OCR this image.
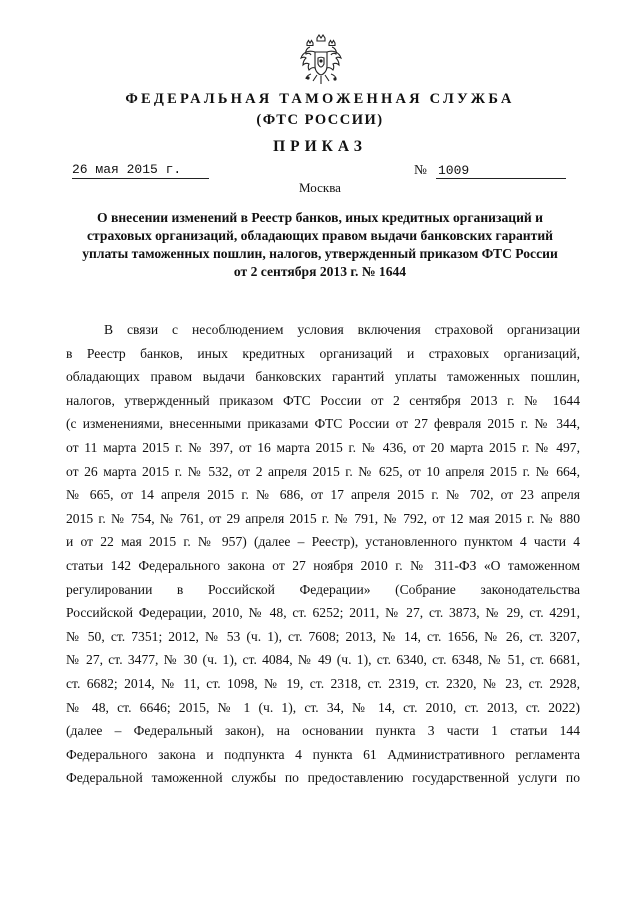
ФЕДЕРАЛЬНАЯ ТАМОЖЕННАЯ СЛУЖБА
(ФТС РОССИИ)
ПРИКАЗ
26 мая 2015 г.	№ 1009
Москва
О внесении изменений в Реестр банков, иных кредитных организаций и
страховых организаций, обладающих правом выдачи банковских гарантий
уплаты таможенных пошлин, налогов, утвержденный приказом ФТС России
от 2 сентября 2013 г. № 1644
В связи с несоблюдением условия включения страховой организации
в Реестр банков, иных кредитных организаций и страховых организаций,
обладающих правом выдачи банковских гарантий уплаты таможенных пошлин,
налогов, утвержденный приказом ФТС России от 2 сентября 2013 г. № 1644
(с изменениями, внесенными приказами ФТС России от 27 февраля 2015 г. № 344,
от 11 марта 2015 г. № 397, от 16 марта 2015 г. № 436, от 20 марта 2015 г. № 497,
от 26 марта 2015 г. № 532, от 2 апреля 2015 г. № 625, от 10 апреля 2015 г. № 664,
№ 665, от 14 апреля 2015 г. № 686, от 17 апреля 2015 г. № 702, от 23 апреля
2015 г. № 754, № 761, от 29 апреля 2015 г. № 791, № 792, от 12 мая 2015 г. № 880
и от 22 мая 2015 г. № 957) (далее – Реестр), установленного пунктом 4 части 4
статьи 142 Федерального закона от 27 ноября 2010 г. № 311-ФЗ «О таможенном
регулировании в Российской Федерации» (Собрание законодательства
Российской Федерации, 2010, № 48, ст. 6252; 2011, № 27, ст. 3873, № 29, ст. 4291,
№ 50, ст. 7351; 2012, № 53 (ч. 1), ст. 7608; 2013, № 14, ст. 1656, № 26, ст. 3207,
№ 27, ст. 3477, № 30 (ч. 1), ст. 4084, № 49 (ч. 1), ст. 6340, ст. 6348, № 51, ст. 6681,
ст. 6682; 2014, № 11, ст. 1098, № 19, ст. 2318, ст. 2319, ст. 2320, № 23, ст. 2928,
№ 48, ст. 6646; 2015, № 1 (ч. 1), ст. 34, № 14, ст. 2010, ст. 2013, ст. 2022)
(далее – Федеральный закон), на основании пункта 3 части 1 статьи 144
Федерального закона и подпункта 4 пункта 61 Административного регламента
Федеральной таможенной службы по предоставлению государственной услуги по
